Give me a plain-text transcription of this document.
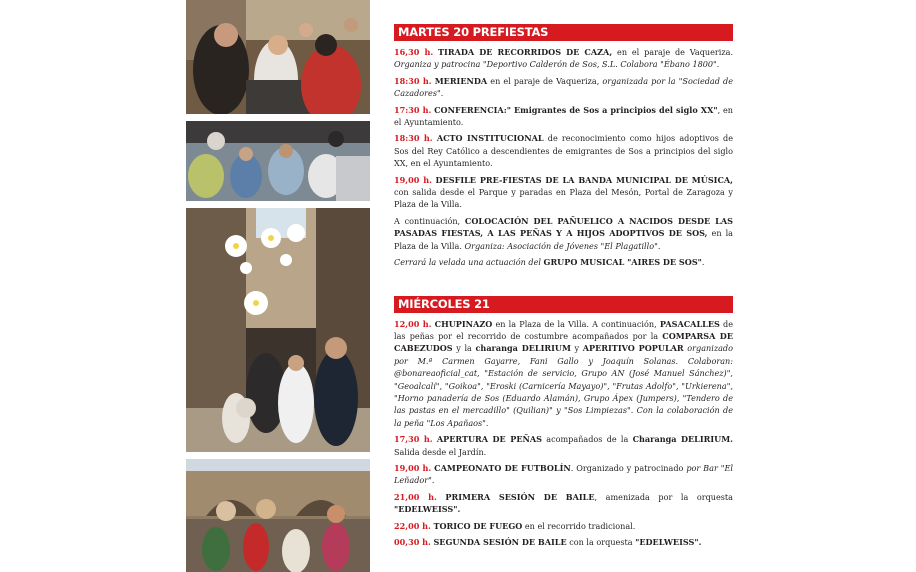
MARTES 20 PREFIESTAS
16,30 h. TIRADA DE RECORRIDOS DE CAZA, en el paraje de Vaqueriza. Organiza y patrocina "Deportivo Calderón de Sos, S.L. Colabora "Ébano 1800".
18:30 h. MERIENDA en el paraje de Vaqueriza, organizada por la "Sociedad de Cazadores".
17:30 h. CONFERENCIA:" Emigrantes de Sos a principios del siglo XX", en el Ayuntamiento.
18:30 h. ACTO INSTITUCIONAL de reconocimiento como hijos adoptivos de Sos del Rey Católico a descendientes de emigrantes de Sos a principios del siglo XX, en el Ayuntamiento.
19,00 h. DESFILE PRE-FIESTAS DE LA BANDA MUNICIPAL DE MÚSICA, con salida desde el Parque y paradas en Plaza del Mesón, Portal de Zaragoza y Plaza de la Villa.
A continuación, COLOCACIÓN DEL PAÑUELICO A NACIDOS DESDE LAS PASADAS FIESTAS, A LAS PEÑAS Y A HIJOS ADOPTIVOS DE SOS, en la Plaza de la Villa. Organiza: Asociación de Jóvenes "El Plagatillo".
Cerrará la velada una actuación del GRUPO MUSICAL "AIRES DE SOS".
MIÉRCOLES 21
12,00 h. CHUPINAZO en la Plaza de la Villa. A continuación, PASACALLES de las peñas por el recorrido de costumbre acompañados por la COMPARSA DE CABEZUDOS y la charanga DELIRIUM y APERITIVO POPULAR organizado por M.ª Carmen Gayarre, Fani Gallo y Joaquín Solanas. Colaboran: @bonareaoficial_cat, "Estación de servicio, Grupo AN (José Manuel Sánchez)", "Geoalcalí", "Goikoa", "Eroski (Carnicería Mayayo)", "Frutas Adolfo", "Urkierena", "Horno panadería de Sos (Eduardo Alamán), Grupo Ápex (Jumpers), "Tendero de las pastas en el mercadillo" (Quilian)" y "Sos Limpiezas". Con la colaboración de la peña "Los Apañaos".
17,30 h. APERTURA DE PEÑAS acompañados de la Charanga DELIRIUM. Salida desde el Jardín.
19,00 h. CAMPEONATO DE FUTBOLÍN. Organizado y patrocinado por Bar "El Leñador".
21,00 h. PRIMERA SESIÓN DE BAILE, amenizada por la orquesta "EDELWEISS".
22,00 h. TORICO DE FUEGO en el recorrido tradicional.
00,30 h. SEGUNDA SESIÓN DE BAILE con la orquesta "EDELWEISS".
